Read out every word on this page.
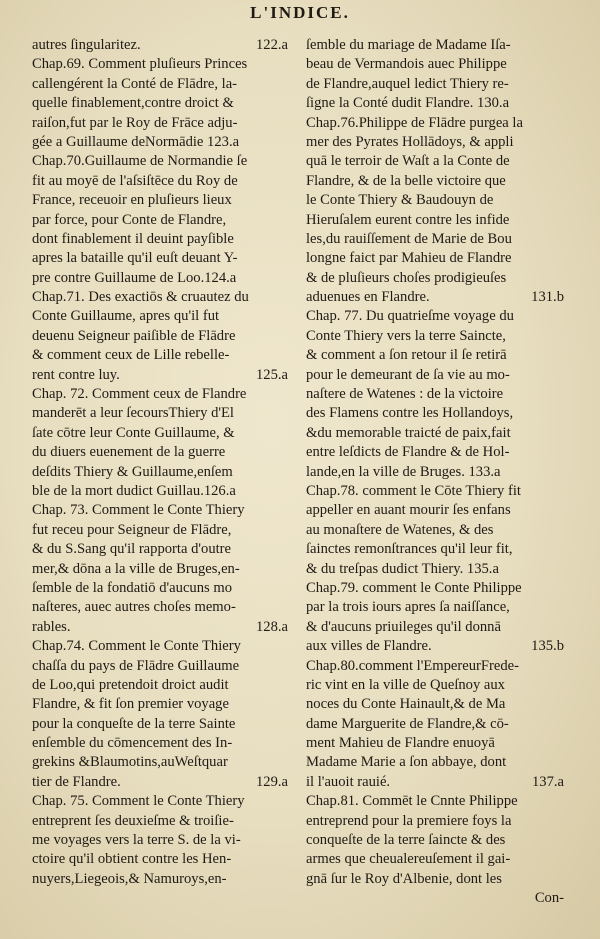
L'INDICE.
autres ſingularitez.	122.a
Chap.69. Comment pluſieurs Princes
callengérent la Conté de Flādre, la-
quelle finablement,contre droict &
raiſon,fut par le Roy de Frāce adju-
gée a Guillaume deNormādie 123.a
Chap.70.Guillaume de Normandie ſe
fit au moyē de l'aſsiſtēce du Roy de
France, receuoir en pluſieurs lieux
par force, pour Conte de Flandre,
dont finablement il deuint payſible
apres la bataille qu'il euſt deuant Y-
pre contre Guillaume de Loo.124.a
Chap.71. Des exactiōs & cruautez du
Conte Guillaume, apres qu'il fut
deuenu Seigneur paiſible de Flādre
& comment ceux de Lille rebelle-
rent contre luy.	125.a
Chap. 72. Comment ceux de Flandre
manderēt a leur ſecoursThiery d'El
ſate cōtre leur Conte Guillaume, &
du diuers euenement de la guerre
deſdits Thiery & Guillaume,enſem
ble de la mort dudict Guillau.126.a
Chap. 73. Comment le Conte Thiery
fut receu pour Seigneur de Flādre,
& du S.Sang qu'il rapporta d'outre
mer,& dōna a la ville de Bruges,en-
ſemble de la fondatiō d'aucuns mo
naſteres, auec autres choſes memo-
rables.	128.a
Chap.74. Comment le Conte Thiery
chaſſa du pays de Flādre Guillaume
de Loo,qui pretendoit droict audit
Flandre, & fit ſon premier voyage
pour la conqueſte de la terre Sainte
enſemble du cōmencement des In-
grekins &Blaumotins,auWeſtquar
tier de Flandre.	129.a
Chap. 75. Comment le Conte Thiery
entreprent ſes deuxieſme & troiſie-
me voyages vers la terre S. de la vi-
ctoire qu'il obtient contre les Hen-
nuyers,Liegeois,& Namuroys,en-
ſemble du mariage de Madame Iſa-
beau de Vermandois auec Philippe
de Flandre,auquel ledict Thiery re-
ſigne la Conté dudit Flandre. 130.a
Chap.76.Philippe de Flādre purgea la
mer des Pyrates Hollādoys, & appli
quā le terroir de Waſt a la Conte de
Flandre, & de la belle victoire que
le Conte Thiery & Baudouyn de
Hieruſalem eurent contre les infide
les,du rauiſſement de Marie de Bou
longne faict par Mahieu de Flandre
& de pluſieurs choſes prodigieuſes
aduenues en Flandre.	131.b
Chap. 77. Du quatrieſme voyage du
Conte Thiery vers la terre Saincte,
& comment a ſon retour il ſe retirā
pour le demeurant de ſa vie au mo-
naſtere de Watenes : de la victoire
des Flamens contre les Hollandoys,
&du memorable traicté de paix,fait
entre leſdicts de Flandre & de Hol-
lande,en la ville de Bruges. 133.a
Chap.78. comment le Cōte Thiery fit
appeller en auant mourir ſes enfans
au monaſtere de Watenes, & des
ſainctes remonſtrances qu'il leur fit,
& du treſpas dudict Thiery. 135.a
Chap.79. comment le Conte Philippe
par la trois iours apres ſa naiſſance,
& d'aucuns priuileges qu'il donnā
aux villes de Flandre.	135.b
Chap.80.comment l'EmpereurFrede-
ric vint en la ville de Queſnoy aux
noces du Conte Hainault,& de Ma
dame Marguerite de Flandre,& cō-
ment Mahieu de Flandre enuoyā
Madame Marie a ſon abbaye, dont
il l'auoit rauié.	137.a
Chap.81. Commēt le Cnnte Philippe
entreprend pour la premiere foys la
conqueſte de la terre ſaincte & des
armes que cheualereuſement il gai-
gnā ſur le Roy d'Albenie, dont les
Con-
